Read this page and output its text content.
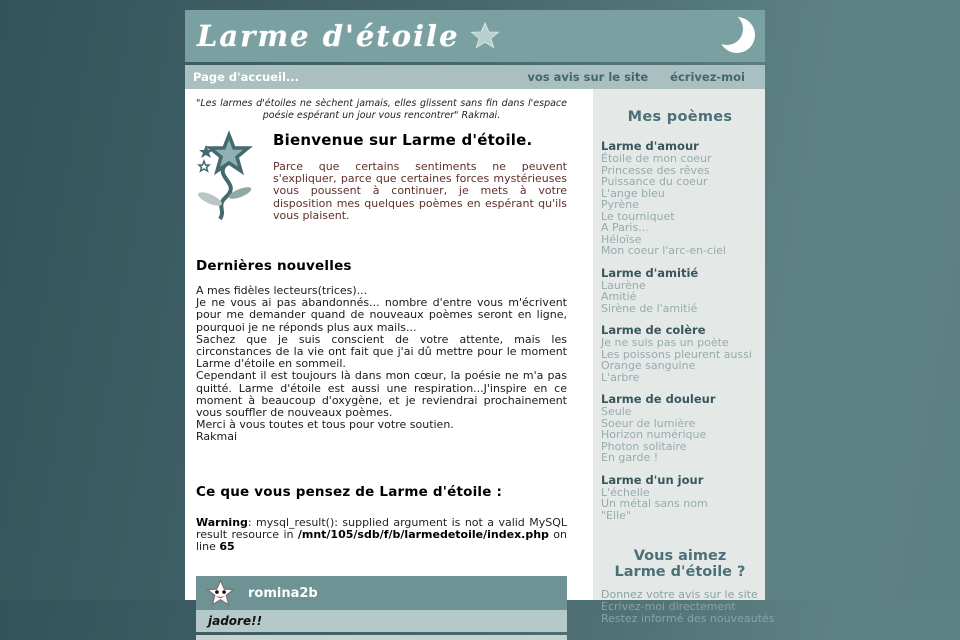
Larme d'étoile
Page d'accueil...	vos avis sur le site écrivez-moi

"Les larmes d'étoiles ne sèchent jamais, elles glissent sans fin dans l'espace poésie espérant un jour vous rencontrer" Rakmai.

Bienvenue sur Larme d'étoile.

Parce que certains sentiments ne peuvent s'expliquer, parce que certaines forces mystérieuses vous poussent à continuer, je mets à votre disposition mes quelques poèmes en espérant qu'ils vous plaisent.

Dernières nouvelles

A mes fidèles lecteurs(trices)...

Je ne vous ai pas abandonnés... nombre d'entre vous m'écrivent pour me demander quand de nouveaux poèmes seront en ligne, pourquoi je ne réponds plus aux mails...

Sachez que je suis conscient de votre attente, mais les circonstances de la vie ont fait que j'ai dû mettre pour le moment Larme d'étoile en sommeil.

Cependant il est toujours là dans mon cœur, la poésie ne m'a pas quitté. Larme d'étoile est aussi une respiration...J'inspire en ce moment à beaucoup d'oxygène, et je reviendrai prochainement vous souffler de nouveaux poèmes.

Merci à vous toutes et tous pour votre soutien.

Rakmai

Ce que vous pensez de Larme d'étoile :

Warning: mysql_result(): supplied argument is not a valid MySQL result resource in /mnt/105/sdb/f/b/larmedetoile/index.php on line 65

romina2b
jadore!!
Mes poèmes
Larme d'amour
Étoile de mon coeur
Princesse des rêves
Puissance du coeur
L'ange bleu
Pyrène
Le tourniquet
A Paris...
Héloïse
Mon coeur l'arc-en-ciel
Larme d'amitié
Laurène
Amitié
Sirène de l'amitié
Larme de colère
Je ne suis pas un poète
Les poissons pleurent aussi
Orange sanguine
L'arbre
Larme de douleur
Seule
Soeur de lumière
Horizon numérique
Photon solitaire
En garde !
Larme d'un jour
L'échelle
Un métal sans nom
"Elle"
Vous aimez
Larme d'étoile ?
Donnez votre avis sur le site
Ecrivez-moi directement
Restez informé des nouveautés
